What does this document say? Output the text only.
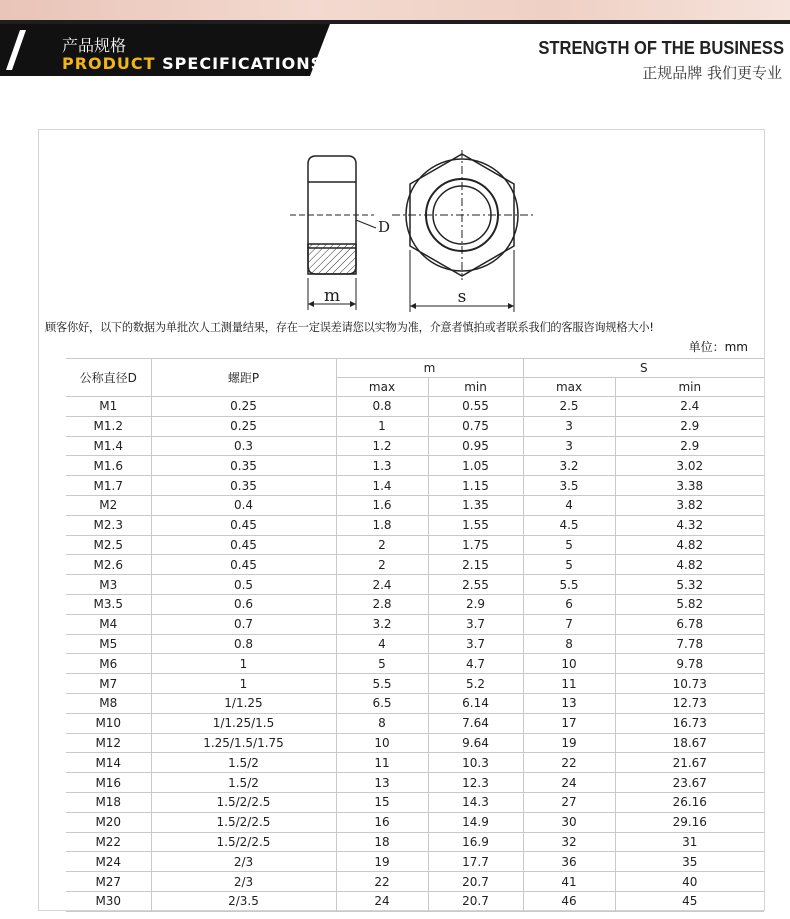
产品规格
PRODUCT SPECIFICATIONS
STRENGTH OF THE BUSINESS
正规品牌 我们更专业
m
D
s
顾客你好，以下的数据为单批次人工测量结果，存在一定误差请您以实物为准，介意者慎拍或者联系我们的客服咨询规格大小!
单位：mm
公称直径D	螺距P	m		S	
		max	min	max	min
M1	0.25	0.8	0.55	2.5	2.4
M1.2	0.25	1	0.75	3	2.9
M1.4	0.3	1.2	0.95	3	2.9
M1.6	0.35	1.3	1.05	3.2	3.02
M1.7	0.35	1.4	1.15	3.5	3.38
M2	0.4	1.6	1.35	4	3.82
M2.3	0.45	1.8	1.55	4.5	4.32
M2.5	0.45	2	1.75	5	4.82
M2.6	0.45	2	2.15	5	4.82
M3	0.5	2.4	2.55	5.5	5.32
M3.5	0.6	2.8	2.9	6	5.82
M4	0.7	3.2	3.7	7	6.78
M5	0.8	4	3.7	8	7.78
M6	1	5	4.7	10	9.78
M7	1	5.5	5.2	11	10.73
M8	1/1.25	6.5	6.14	13	12.73
M10	1/1.25/1.5	8	7.64	17	16.73
M12	1.25/1.5/1.75	10	9.64	19	18.67
M14	1.5/2	11	10.3	22	21.67
M16	1.5/2	13	12.3	24	23.67
M18	1.5/2/2.5	15	14.3	27	26.16
M20	1.5/2/2.5	16	14.9	30	29.16
M22	1.5/2/2.5	18	16.9	32	31
M24	2/3	19	17.7	36	35
M27	2/3	22	20.7	41	40
M30	2/3.5	24	20.7	46	45
